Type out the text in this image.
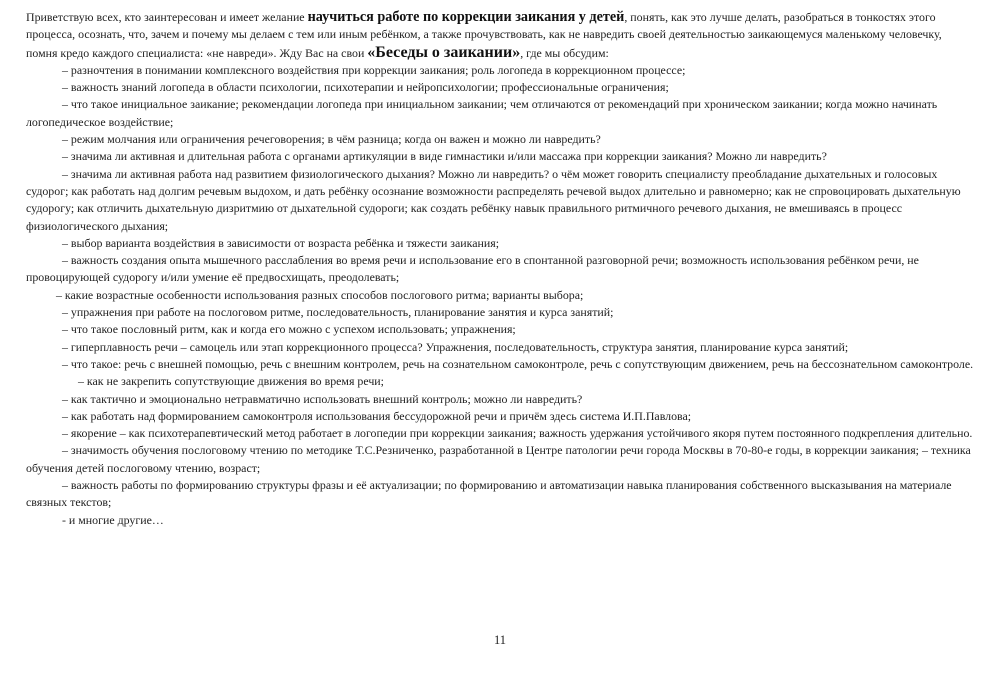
Приветствую всех, кто заинтересован и имеет желание научиться работе по коррекции заикания у детей, понять, как это лучше делать, разобраться в тонкостях этого процесса, осознать, что, зачем и почему мы делаем с тем или иным ребёнком, а также прочувствовать, как не навредить своей деятельностью заикающемуся маленькому человечку, помня кредо каждого специалиста: «не навреди». Жду Вас на свои «Беседы о заикании», где мы обсудим:

– разночтения в понимании комплексного воздействия при коррекции заикания; роль логопеда в коррекционном процессе;

– важность знаний логопеда в области психологии, психотерапии и нейропсихологии; профессиональные ограничения;

– что такое инициальное заикание; рекомендации логопеда при инициальном заикании; чем отличаются от рекомендаций при хроническом заикании; когда можно начинать логопедическое воздействие;

– режим молчания или ограничения речеговорения; в чём разница; когда он важен и можно ли навредить?

– значима ли активная и длительная работа с органами артикуляции в виде гимнастики и/или массажа при коррекции заикания? Можно ли навредить?

– значима ли активная работа над развитием физиологического дыхания? Можно ли навредить? о чём может говорить специалисту преобладание дыхательных и голосовых судорог; как работать над долгим речевым выдохом, и дать ребёнку осознание возможности распределять речевой выдох длительно и равномерно; как не спровоцировать дыхательную судорогу; как отличить дыхательную дизритмию от дыхательной судороги; как создать ребёнку навык правильного ритмичного речевого дыхания, не вмешиваясь в процесс физиологического дыхания;

– выбор варианта воздействия в зависимости от возраста ребёнка и тяжести заикания;

– важность создания опыта мышечного расслабления во время речи и использование его в спонтанной разговорной речи; возможность использования ребёнком речи, не провоцирующей судорогу и/или умение её предвосхищать, преодолевать;

– какие возрастные особенности использования разных способов послогового ритма; варианты выбора;

– упражнения при работе на послоговом ритме, последовательность, планирование занятия и курса занятий;

– что такое пословный ритм, как и когда его можно с успехом использовать; упражнения;

– гиперплавность речи – самоцель или этап коррекционного процесса? Упражнения, последовательность, структура занятия, планирование курса занятий;

– что такое: речь с внешней помощью, речь с внешним контролем, речь на сознательном самоконтроле, речь с сопутствующим движением, речь на бессознательном самоконтроле.

– как не закрепить сопутствующие движения во время речи;

– как тактично и эмоционально нетравматично использовать внешний контроль; можно ли навредить?

– как работать над формированием самоконтроля использования бессудорожной речи и причём здесь система И.П.Павлова;

– якорение – как психотерапевтический метод работает в логопедии при коррекции заикания; важность удержания устойчивого якоря путем постоянного подкрепления длительно.

– значимость обучения послоговому чтению по методике Т.С.Резниченко, разработанной в Центре патологии речи города Москвы в 70-80-е годы, в коррекции заикания; – техника обучения детей послоговому чтению, возраст;

– важность работы по формированию структуры фразы и её актуализации; по формированию и автоматизации навыка планирования собственного высказывания на материале связных текстов;

- и многие другие…

11
